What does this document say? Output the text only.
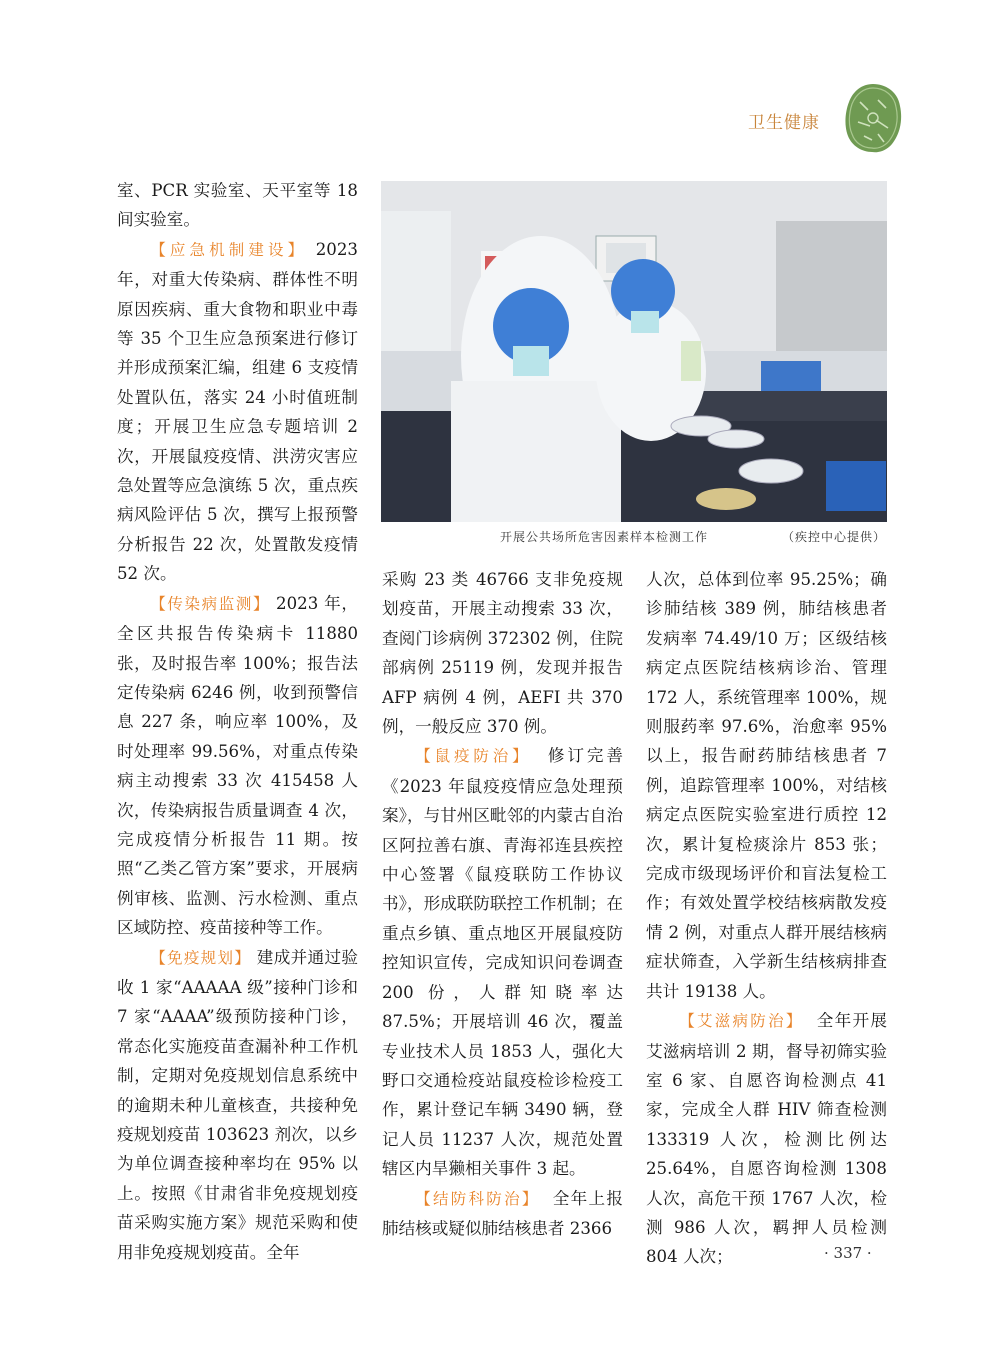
卫生健康

室、PCR 实验室、天平室等 18 间实验室。

【应急机制建设】 2023 年，对重大传染病、群体性不明原因疾病、重大食物和职业中毒等 35 个卫生应急预案进行修订并形成预案汇编，组建 6 支疫情处置队伍，落实 24 小时值班制度；开展卫生应急专题培训 2 次，开展鼠疫疫情、洪涝灾害应急处置等应急演练 5 次，重点疾病风险评估 5 次，撰写上报预警分析报告 22 次，处置散发疫情 52 次。

【传染病监测】 2023 年，全区共报告传染病卡 11880 张，及时报告率 100%；报告法定传染病 6246 例，收到预警信息 227 条，响应率 100%，及时处理率 99.56%，对重点传染病主动搜索 33 次 415458 人次，传染病报告质量调查 4 次，完成疫情分析报告 11 期。按照“乙类乙管方案”要求，开展病例审核、监测、污水检测、重点区域防控、疫苗接种等工作。

【免疫规划】 建成并通过验收 1 家“AAAAA 级”接种门诊和 7 家“AAAA”级预防接种门诊，常态化实施疫苗查漏补种工作机制，定期对免疫规划信息系统中的逾期未种儿童核查，共接种免疫规划疫苗 103623 剂次，以乡为单位调查接种率均在 95% 以上。按照《甘肃省非免疫规划疫苗采购实施方案》规范采购和使用非免疫规划疫苗。全年

开展公共场所危害因素样本检测工作	（疾控中心提供）

采购 23 类 46766 支非免疫规划疫苗，开展主动搜索 33 次，查阅门诊病例 372302 例，住院部病例 25119 例，发现并报告 AFP 病例 4 例，AEFI 共 370 例，一般反应 370 例。

【鼠疫防治】 修订完善《2023 年鼠疫疫情应急处理预案》，与甘州区毗邻的内蒙古自治区阿拉善右旗、青海祁连县疾控中心签署《鼠疫联防工作协议书》，形成联防联控工作机制；在重点乡镇、重点地区开展鼠疫防控知识宣传，完成知识问卷调查 200 份，人群知晓率达 87.5%；开展培训 46 次，覆盖专业技术人员 1853 人，强化大野口交通检疫站鼠疫检诊检疫工作，累计登记车辆 3490 辆，登记人员 11237 人次，规范处置辖区内旱獭相关事件 3 起。

【结防科防治】 全年上报肺结核或疑似肺结核患者 2366

人次，总体到位率 95.25%；确诊肺结核 389 例，肺结核患者发病率 74.49/10 万；区级结核病定点医院结核病诊治、管理 172 人，系统管理率 100%，规则服药率 97.6%，治愈率 95% 以上，报告耐药肺结核患者 7 例，追踪管理率 100%，对结核病定点医院实验室进行质控 12 次，累计复检痰涂片 853 张；完成市级现场评价和盲法复检工作；有效处置学校结核病散发疫情 2 例，对重点人群开展结核病症状筛查，入学新生结核病排查共计 19138 人。

【艾滋病防治】 全年开展艾滋病培训 2 期，督导初筛实验室 6 家、自愿咨询检测点 41 家，完成全人群 HIV 筛查检测 133319 人次，检测比例达 25.64%，自愿咨询检测 1308 人次，高危干预 1767 人次，检测 986 人次，羁押人员检测 804 人次；	· 337 ·
